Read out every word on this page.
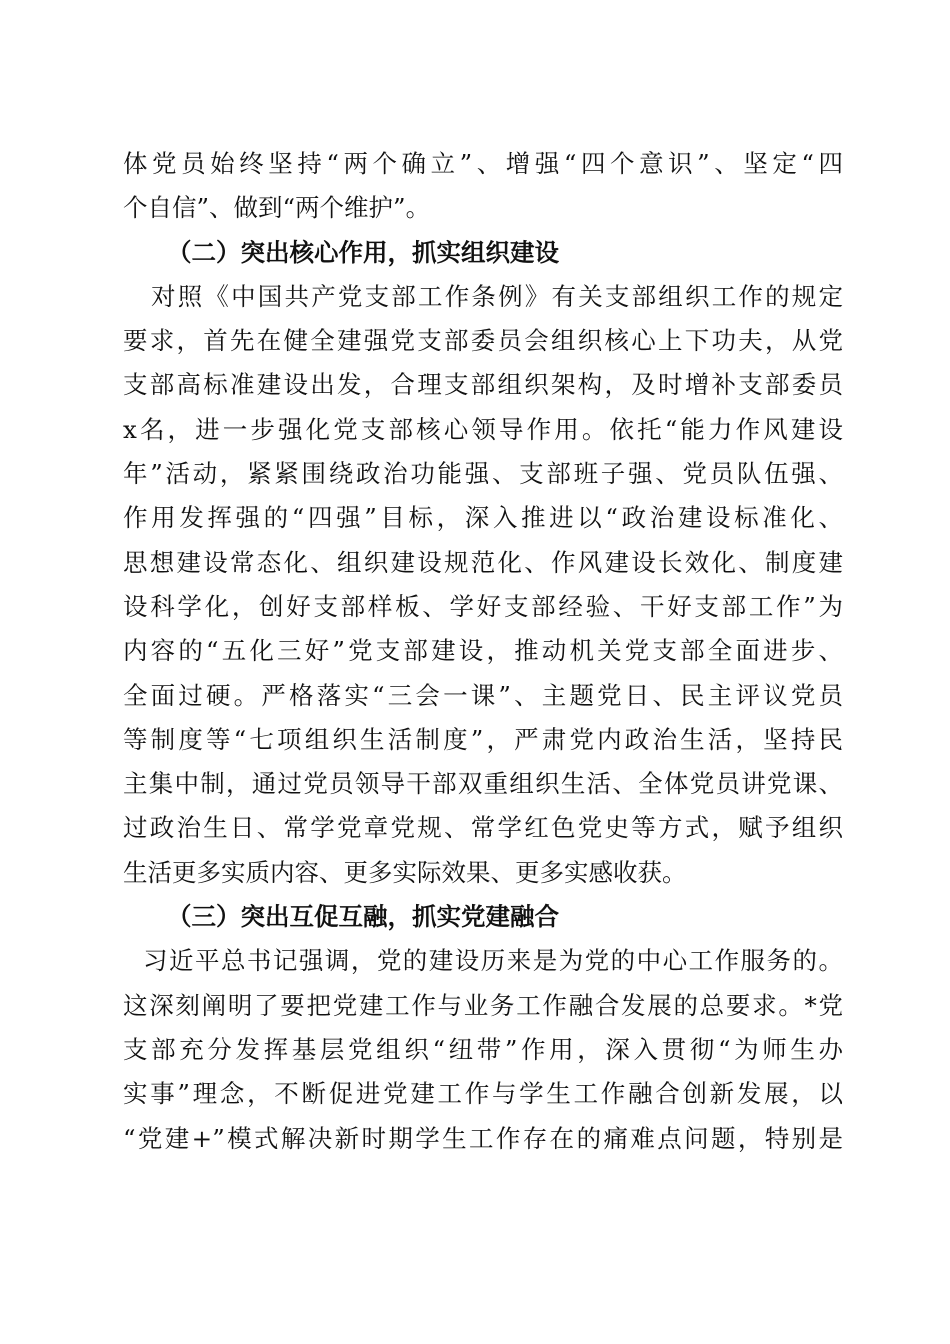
体党员始终坚持“两个确立”、增强“四个意识”、坚定“四
个自信”、做到“两个维护”。
（二）突出核心作用，抓实组织建设
对照《中国共产党支部工作条例》有关支部组织工作的规定
要求，首先在健全建强党支部委员会组织核心上下功夫，从党
支部高标准建设出发，合理支部组织架构，及时增补支部委员
x名，进一步强化党支部核心领导作用。依托“能力作风建设
年”活动，紧紧围绕政治功能强、支部班子强、党员队伍强、
作用发挥强的“四强”目标，深入推进以“政治建设标准化、
思想建设常态化、组织建设规范化、作风建设长效化、制度建
设科学化，创好支部样板、学好支部经验、干好支部工作”为
内容的“五化三好”党支部建设，推动机关党支部全面进步、
全面过硬。严格落实“三会一课”、主题党日、民主评议党员
等制度等“七项组织生活制度”，严肃党内政治生活，坚持民
主集中制，通过党员领导干部双重组织生活、全体党员讲党课、
过政治生日、常学党章党规、常学红色党史等方式，赋予组织
生活更多实质内容、更多实际效果、更多实感收获。
（三）突出互促互融，抓实党建融合
习近平总书记强调，党的建设历来是为党的中心工作服务的。
这深刻阐明了要把党建工作与业务工作融合发展的总要求。*党
支部充分发挥基层党组织“纽带”作用，深入贯彻“为师生办
实事”理念，不断促进党建工作与学生工作融合创新发展，以
“党建+”模式解决新时期学生工作存在的痛难点问题，特别是
